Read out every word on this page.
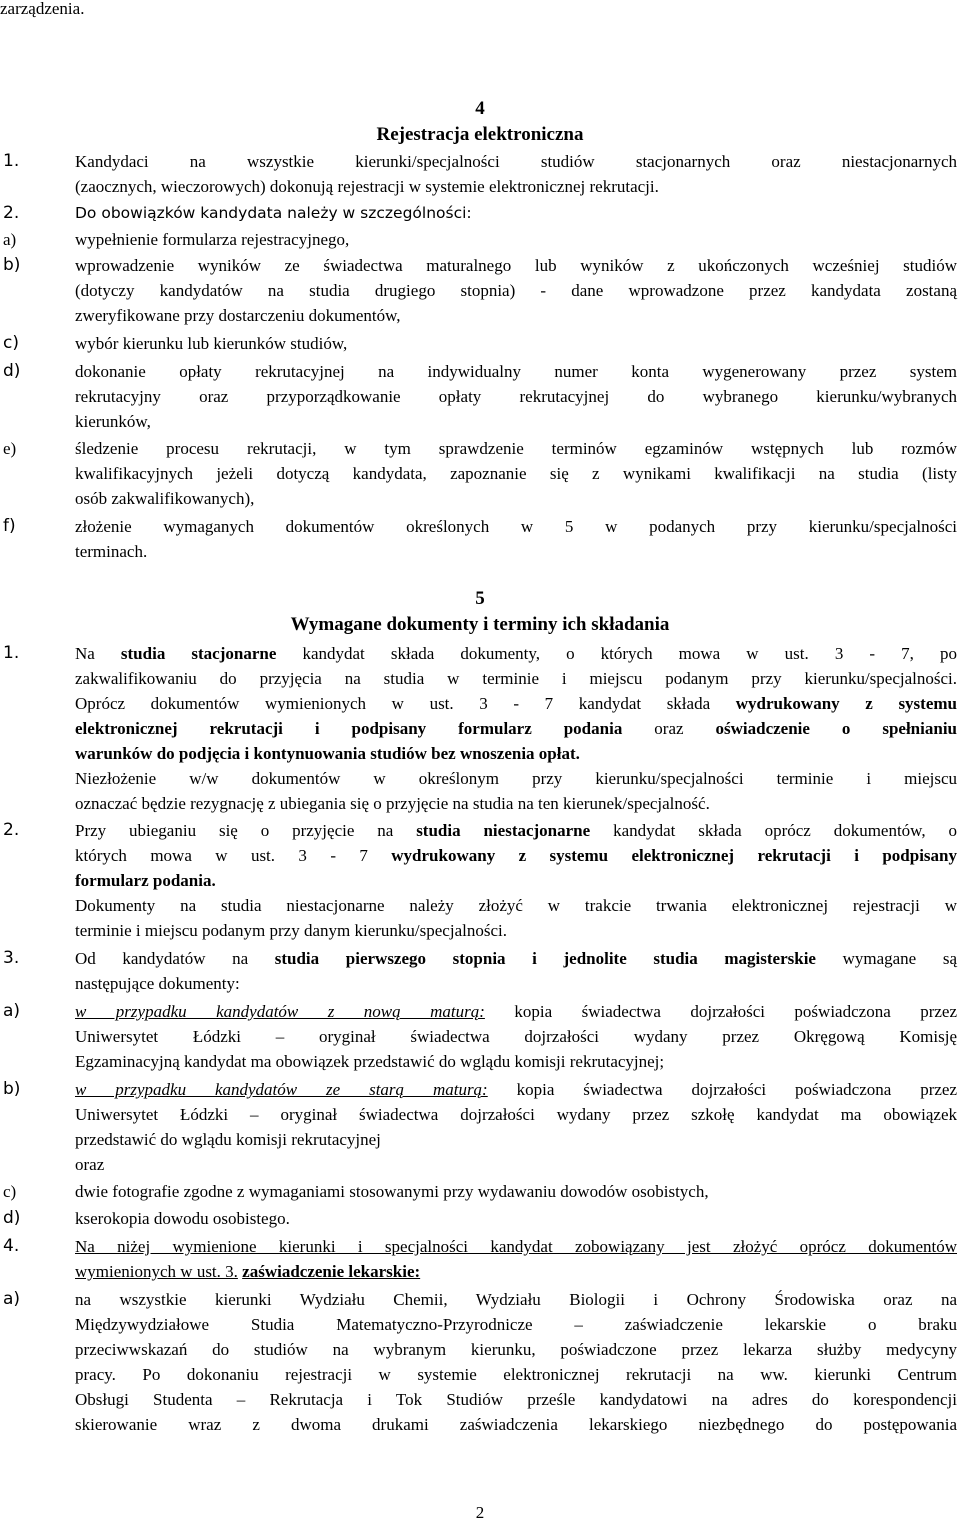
zarządzenia.
4
Rejestracja elektroniczna
1.	Kandydaci na wszystkie kierunki/specjalności studiów stacjonarnych oraz niestacjonarnych
(zaocznych, wieczorowych) dokonują rejestracji w systemie elektronicznej rekrutacji.
2.	Do obowiązków kandydata należy w szczególności:
a)	wypełnienie formularza rejestracyjnego,
b)	wprowadzenie wyników ze świadectwa maturalnego lub wyników z ukończonych wcześniej studiów
(dotyczy kandydatów na studia drugiego stopnia) - dane wprowadzone przez kandydata zostaną
zweryfikowane przy dostarczeniu dokumentów,
c)	wybór kierunku lub kierunków studiów,
d)	dokonanie opłaty rekrutacyjnej na indywidualny numer konta wygenerowany przez system
rekrutacyjny oraz przyporządkowanie opłaty rekrutacyjnej do wybranego kierunku/wybranych
kierunków,
e)	śledzenie procesu rekrutacji, w tym sprawdzenie terminów egzaminów wstępnych lub rozmów
kwalifikacyjnych jeżeli dotyczą kandydata, zapoznanie się z wynikami kwalifikacji na studia (listy
osób zakwalifikowanych),
f)	złożenie wymaganych dokumentów określonych w 5 w podanych przy kierunku/specjalności
terminach.
5
Wymagane dokumenty i terminy ich składania
1.	Na studia stacjonarne kandydat składa dokumenty, o których mowa w ust. 3 - 7, po
zakwalifikowaniu do przyjęcia na studia w terminie i miejscu podanym przy kierunku/specjalności.
Oprócz dokumentów wymienionych w ust. 3 - 7 kandydat składa wydrukowany z systemu
elektronicznej rekrutacji i podpisany formularz podania oraz oświadczenie o spełnianiu
warunków do podjęcia i kontynuowania studiów bez wnoszenia opłat.
Niezłożenie w/w dokumentów w określonym przy kierunku/specjalności terminie i miejscu
oznaczać będzie rezygnację z ubiegania się o przyjęcie na studia na ten kierunek/specjalność.
2.	Przy ubieganiu się o przyjęcie na studia niestacjonarne kandydat składa oprócz dokumentów, o
których mowa w ust. 3 - 7 wydrukowany z systemu elektronicznej rekrutacji i podpisany
formularz podania.
Dokumenty na studia niestacjonarne należy złożyć w trakcie trwania elektronicznej rejestracji w
terminie i miejscu podanym przy danym kierunku/specjalności.
3.	Od kandydatów na studia pierwszego stopnia i jednolite studia magisterskie wymagane są
następujące dokumenty:
a)	w przypadku kandydatów z nową maturą: kopia świadectwa dojrzałości poświadczona przez
Uniwersytet Łódzki – oryginał świadectwa dojrzałości wydany przez Okręgową Komisję
Egzaminacyjną kandydat ma obowiązek przedstawić do wglądu komisji rekrutacyjnej;
b)	w przypadku kandydatów ze starą maturą: kopia świadectwa dojrzałości poświadczona przez
Uniwersytet Łódzki – oryginał świadectwa dojrzałości wydany przez szkołę kandydat ma obowiązek
przedstawić do wglądu komisji rekrutacyjnej
oraz
c)	dwie fotografie zgodne z wymaganiami stosowanymi przy wydawaniu dowodów osobistych,
d)	kserokopia dowodu osobistego.
4.	Na niżej wymienione kierunki i specjalności kandydat zobowiązany jest złożyć oprócz dokumentów
wymienionych w ust. 3. zaświadczenie lekarskie:
a)	na wszystkie kierunki Wydziału Chemii, Wydziału Biologii i Ochrony Środowiska oraz na
Międzywydziałowe Studia Matematyczno-Przyrodnicze – zaświadczenie lekarskie o braku
przeciwwskazań do studiów na wybranym kierunku, poświadczone przez lekarza służby medycyny
pracy. Po dokonaniu rejestracji w systemie elektronicznej rekrutacji na ww. kierunki Centrum
Obsługi Studenta – Rekrutacja i Tok Studiów prześle kandydatowi na adres do korespondencji
skierowanie wraz z dwoma drukami zaświadczenia lekarskiego niezbędnego do postępowania
2
